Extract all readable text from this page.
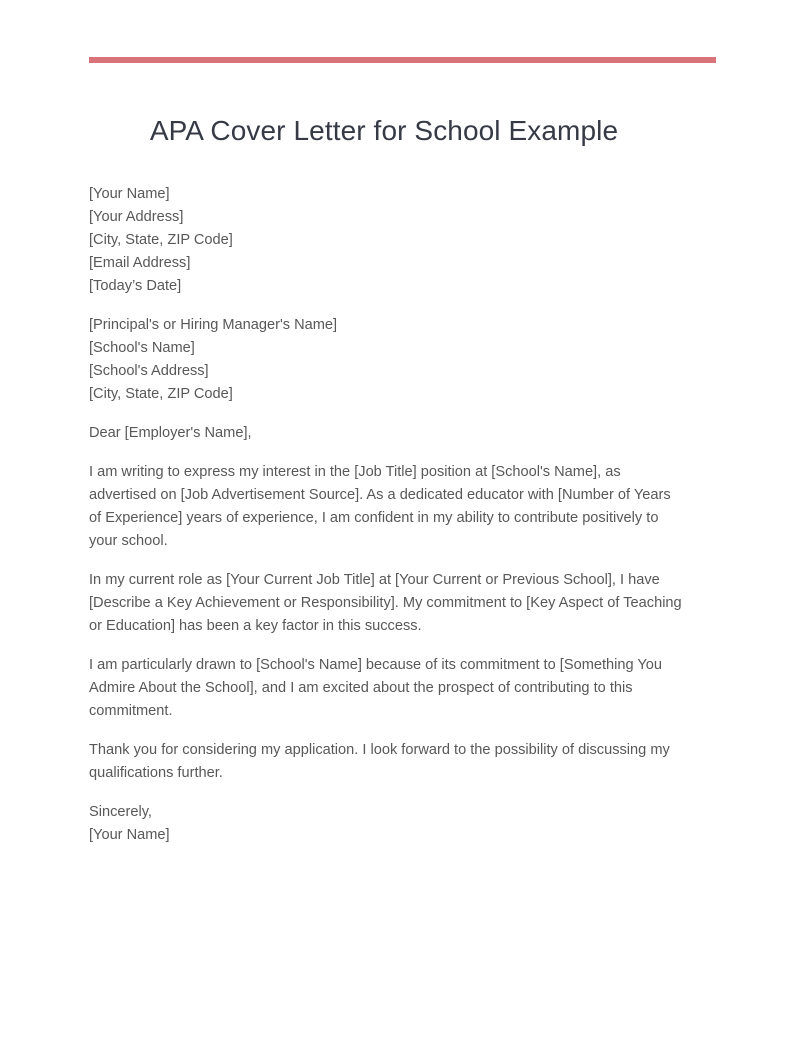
APA Cover Letter for School Example
[Your Name]
[Your Address]
[City, State, ZIP Code]
[Email Address]
[Today’s Date]
[Principal's or Hiring Manager's Name]
[School's Name]
[School's Address]
[City, State, ZIP Code]

Dear [Employer's Name],

I am writing to express my interest in the [Job Title] position at [School's Name], as advertised on [Job Advertisement Source]. As a dedicated educator with [Number of Years of Experience] years of experience, I am confident in my ability to contribute positively to your school.

In my current role as [Your Current Job Title] at [Your Current or Previous School], I have [Describe a Key Achievement or Responsibility]. My commitment to [Key Aspect of Teaching or Education] has been a key factor in this success.

I am particularly drawn to [School's Name] because of its commitment to [Something You Admire About the School], and I am excited about the prospect of contributing to this commitment.

Thank you for considering my application. I look forward to the possibility of discussing my qualifications further.

Sincerely,
[Your Name]
